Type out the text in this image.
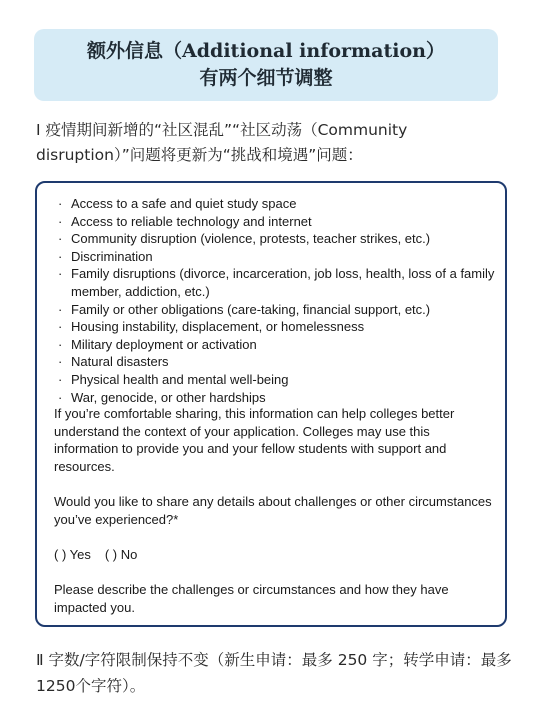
额外信息（Additional information）
有两个细节调整
Ⅰ 疫情期间新增的“社区混乱”“社区动荡（Community disruption）”问题将更新为“挑战和境遇”问题：
· Access to a safe and quiet study space
· Access to reliable technology and internet
· Community disruption (violence, protests, teacher strikes, etc.)
· Discrimination
· Family disruptions (divorce, incarceration, job loss, health, loss of a family member, addiction, etc.)
· Family or other obligations (care-taking, financial support, etc.)
· Housing instability, displacement, or homelessness
· Military deployment or activation
· Natural disasters
· Physical health and mental well-being
· War, genocide, or other hardships
If you’re comfortable sharing, this information can help colleges better understand the context of your application. Colleges may use this information to provide you and your fellow students with support and resources.
Would you like to share any details about challenges or other circumstances you’ve experienced?*
( ) Yes ( ) No
Please describe the challenges or circumstances and how they have impacted you.
Ⅱ 字数/字符限制保持不变（新生申请：最多 250 字；转学申请：最多1250个字符）。
